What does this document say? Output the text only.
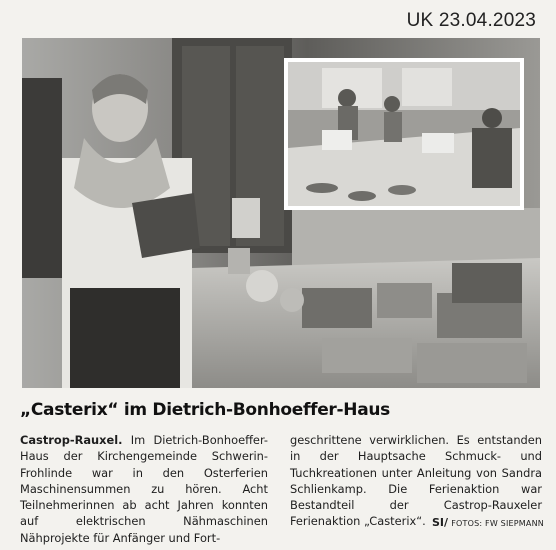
UK 23.04.2023
„Casterix“ im Dietrich-Bonhoeffer-Haus

Castrop-Rauxel. Im Dietrich-Bonhoeffer-Haus der Kirchengemeinde Schwerin-Frohlinde war in den Osterferien Maschinensummen zu hören. Acht Teilnehmerinnen ab acht Jahren konnten auf elektrischen Nähmaschinen Nähprojekte für Anfänger und Fort-

geschrittene verwirklichen. Es entstanden in der Hauptsache Schmuck- und Tuchkreationen unter Anleitung von Sandra Schlienkamp. Die Ferienaktion war Bestandteil der Castrop-Rauxeler Ferienaktion „Casterix“. SI/ FOTOS: FW SIEPMANN
